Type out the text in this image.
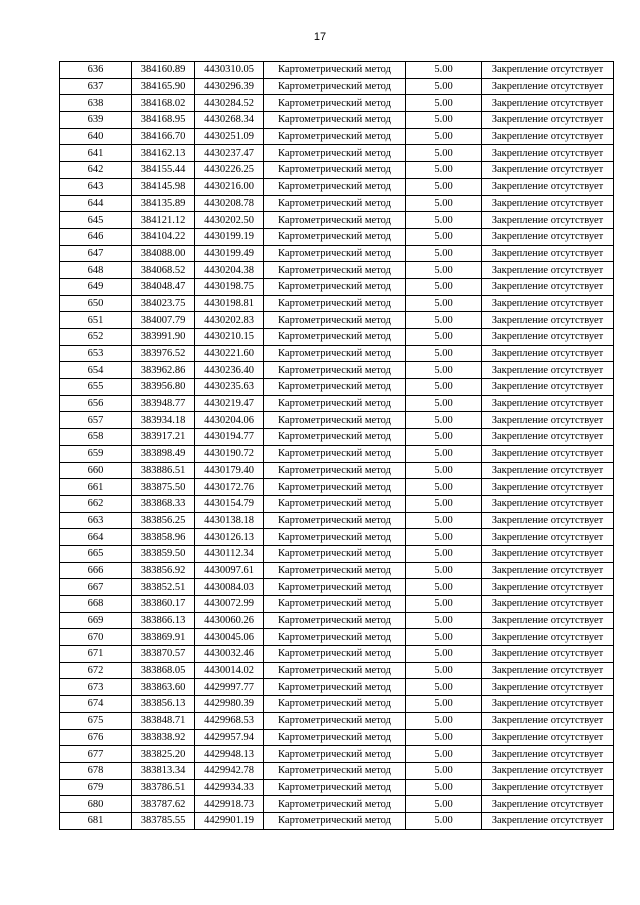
17
636	384160.89	4430310.05	Картометрический метод	5.00	Закрепление отсутствует
637	384165.90	4430296.39	Картометрический метод	5.00	Закрепление отсутствует
638	384168.02	4430284.52	Картометрический метод	5.00	Закрепление отсутствует
639	384168.95	4430268.34	Картометрический метод	5.00	Закрепление отсутствует
640	384166.70	4430251.09	Картометрический метод	5.00	Закрепление отсутствует
641	384162.13	4430237.47	Картометрический метод	5.00	Закрепление отсутствует
642	384155.44	4430226.25	Картометрический метод	5.00	Закрепление отсутствует
643	384145.98	4430216.00	Картометрический метод	5.00	Закрепление отсутствует
644	384135.89	4430208.78	Картометрический метод	5.00	Закрепление отсутствует
645	384121.12	4430202.50	Картометрический метод	5.00	Закрепление отсутствует
646	384104.22	4430199.19	Картометрический метод	5.00	Закрепление отсутствует
647	384088.00	4430199.49	Картометрический метод	5.00	Закрепление отсутствует
648	384068.52	4430204.38	Картометрический метод	5.00	Закрепление отсутствует
649	384048.47	4430198.75	Картометрический метод	5.00	Закрепление отсутствует
650	384023.75	4430198.81	Картометрический метод	5.00	Закрепление отсутствует
651	384007.79	4430202.83	Картометрический метод	5.00	Закрепление отсутствует
652	383991.90	4430210.15	Картометрический метод	5.00	Закрепление отсутствует
653	383976.52	4430221.60	Картометрический метод	5.00	Закрепление отсутствует
654	383962.86	4430236.40	Картометрический метод	5.00	Закрепление отсутствует
655	383956.80	4430235.63	Картометрический метод	5.00	Закрепление отсутствует
656	383948.77	4430219.47	Картометрический метод	5.00	Закрепление отсутствует
657	383934.18	4430204.06	Картометрический метод	5.00	Закрепление отсутствует
658	383917.21	4430194.77	Картометрический метод	5.00	Закрепление отсутствует
659	383898.49	4430190.72	Картометрический метод	5.00	Закрепление отсутствует
660	383886.51	4430179.40	Картометрический метод	5.00	Закрепление отсутствует
661	383875.50	4430172.76	Картометрический метод	5.00	Закрепление отсутствует
662	383868.33	4430154.79	Картометрический метод	5.00	Закрепление отсутствует
663	383856.25	4430138.18	Картометрический метод	5.00	Закрепление отсутствует
664	383858.96	4430126.13	Картометрический метод	5.00	Закрепление отсутствует
665	383859.50	4430112.34	Картометрический метод	5.00	Закрепление отсутствует
666	383856.92	4430097.61	Картометрический метод	5.00	Закрепление отсутствует
667	383852.51	4430084.03	Картометрический метод	5.00	Закрепление отсутствует
668	383860.17	4430072.99	Картометрический метод	5.00	Закрепление отсутствует
669	383866.13	4430060.26	Картометрический метод	5.00	Закрепление отсутствует
670	383869.91	4430045.06	Картометрический метод	5.00	Закрепление отсутствует
671	383870.57	4430032.46	Картометрический метод	5.00	Закрепление отсутствует
672	383868.05	4430014.02	Картометрический метод	5.00	Закрепление отсутствует
673	383863.60	4429997.77	Картометрический метод	5.00	Закрепление отсутствует
674	383856.13	4429980.39	Картометрический метод	5.00	Закрепление отсутствует
675	383848.71	4429968.53	Картометрический метод	5.00	Закрепление отсутствует
676	383838.92	4429957.94	Картометрический метод	5.00	Закрепление отсутствует
677	383825.20	4429948.13	Картометрический метод	5.00	Закрепление отсутствует
678	383813.34	4429942.78	Картометрический метод	5.00	Закрепление отсутствует
679	383786.51	4429934.33	Картометрический метод	5.00	Закрепление отсутствует
680	383787.62	4429918.73	Картометрический метод	5.00	Закрепление отсутствует
681	383785.55	4429901.19	Картометрический метод	5.00	Закрепление отсутствует
